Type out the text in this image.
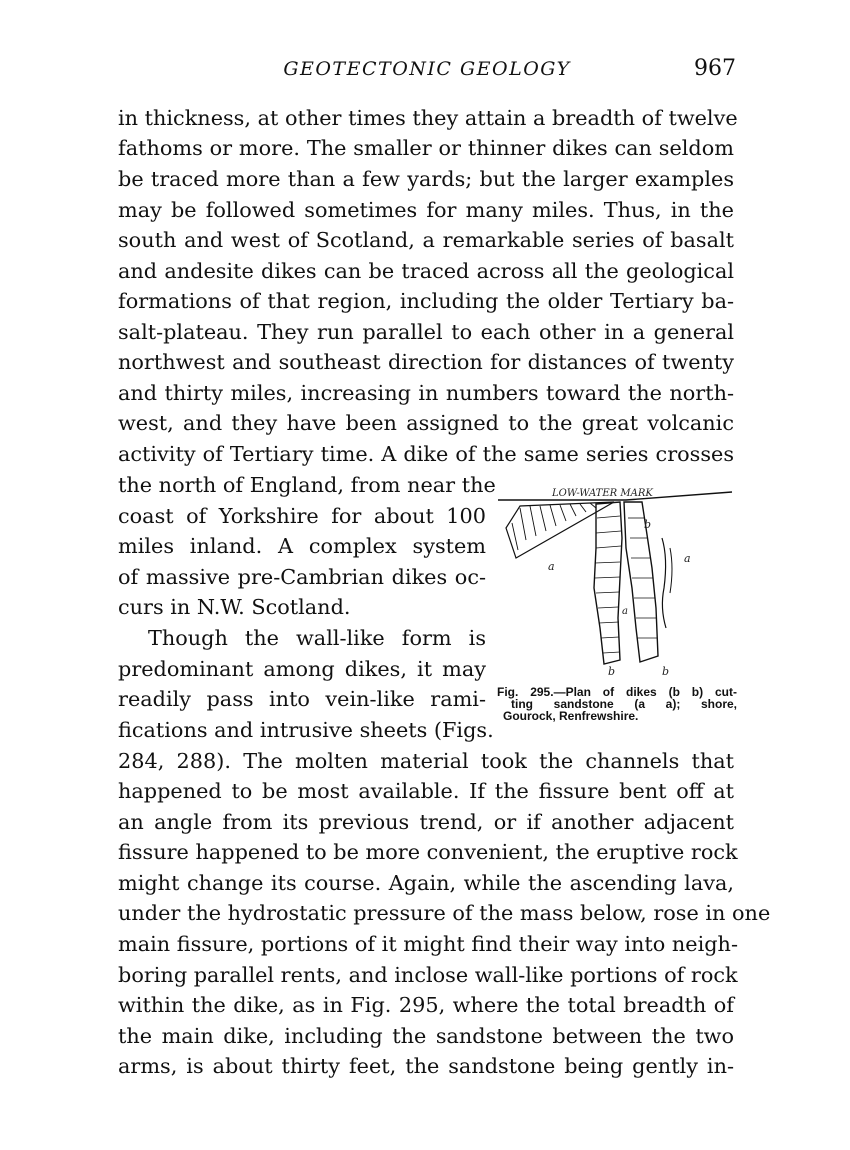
GEOTECTONIC GEOLOGY	967
in thickness, at other times they attain a breadth of twelve
fathoms or more. The smaller or thinner dikes can seldom
be traced more than a few yards; but the larger examples
may be followed sometimes for many miles. Thus, in the
south and west of Scotland, a remarkable series of basalt
and andesite dikes can be traced across all the geological
formations of that region, including the older Tertiary ba-
salt-plateau. They run parallel to each other in a general
northwest and southeast direction for distances of twenty
and thirty miles, increasing in numbers toward the north-
west, and they have been assigned to the great volcanic
activity of Tertiary time. A dike of the same series crosses
the north of England, from near the
coast of Yorkshire for about 100
miles inland. A complex system
of massive pre-Cambrian dikes oc-
curs in N.W. Scotland.
Though the wall-like form is
predominant among dikes, it may
readily pass into vein-like rami-
fications and intrusive sheets (Figs.
284, 288). The molten material took the channels that
happened to be most available. If the fissure bent off at
an angle from its previous trend, or if another adjacent
fissure happened to be more convenient, the eruptive rock
might change its course. Again, while the ascending lava,
under the hydrostatic pressure of the mass below, rose in one
main fissure, portions of it might find their way into neigh-
boring parallel rents, and inclose wall-like portions of rock
within the dike, as in Fig. 295, where the total breadth of
the main dike, including the sandstone between the two
arms, is about thirty feet, the sandstone being gently in-
LOW-WATER MARK
a
a
a
b
b
b
Fig. 295.—Plan of dikes (b b) cut-
ting sandstone (a a); shore,
Gourock, Renfrewshire.
